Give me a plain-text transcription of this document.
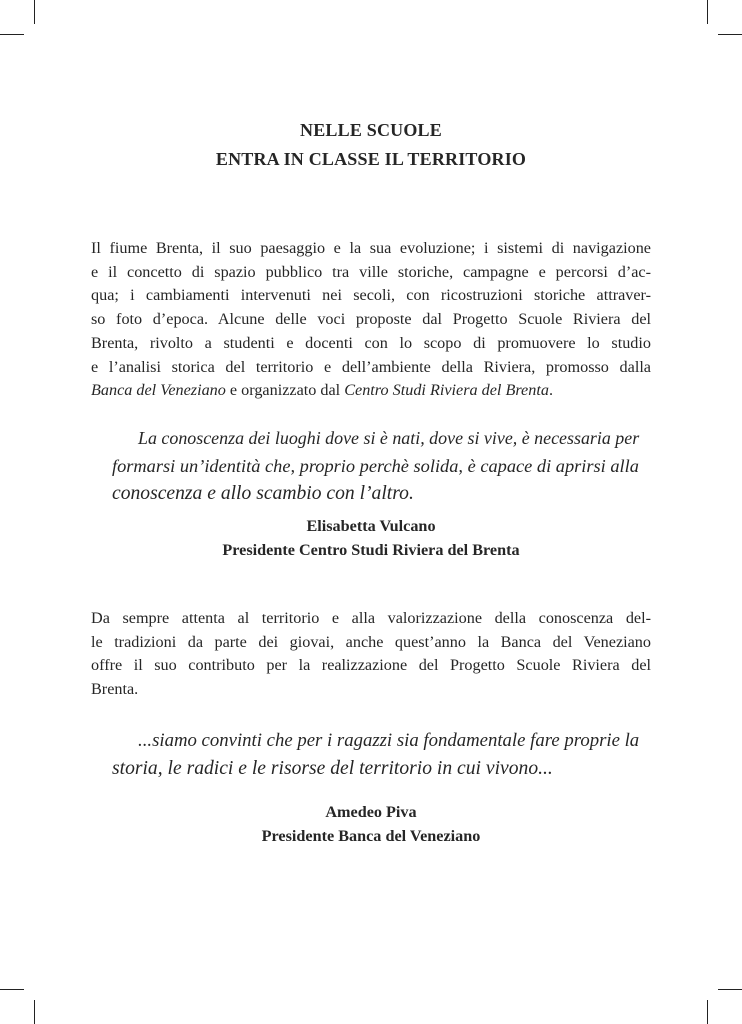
NELLE SCUOLE
ENTRA IN CLASSE IL TERRITORIO
Il fiume Brenta, il suo paesaggio e la sua evoluzione; i sistemi di navigazione
e il concetto di spazio pubblico tra ville storiche, campagne e percorsi d’ac-
qua; i cambiamenti intervenuti nei secoli, con ricostruzioni storiche attraver-
so foto d’epoca. Alcune delle voci proposte dal Progetto Scuole Riviera del
Brenta, rivolto a studenti e docenti con lo scopo di promuovere lo studio
e l’analisi storica del territorio e dell’ambiente della Riviera, promosso dalla
Banca del Veneziano e organizzato dal Centro Studi Riviera del Brenta.
La conoscenza dei luoghi dove si è nati, dove si vive, è necessaria per
formarsi un’identità che, proprio perchè solida, è capace di aprirsi alla
conoscenza e allo scambio con l’altro.
Elisabetta Vulcano
Presidente Centro Studi Riviera del Brenta
Da sempre attenta al territorio e alla valorizzazione della conoscenza del-
le tradizioni da parte dei giovai, anche quest’anno la Banca del Veneziano
offre il suo contributo per la realizzazione del Progetto Scuole Riviera del
Brenta.
...siamo convinti che per i ragazzi sia fondamentale fare proprie la
storia, le radici e le risorse del territorio in cui vivono...
Amedeo Piva
Presidente Banca del Veneziano
